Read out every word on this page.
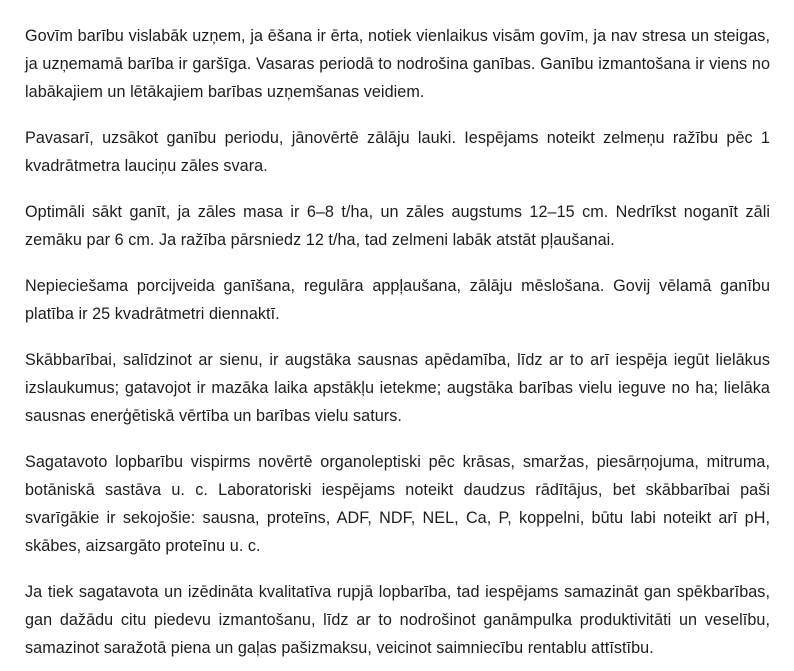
Govīm barību vislabāk uzņem, ja ēšana ir ērta, notiek vienlaikus visām govīm, ja nav stresa un steigas, ja uzņemamā barība ir garšīga. Vasaras periodā to nodrošina ganības. Ganību izmantošana ir viens no labākajiem un lētākajiem barības uzņemšanas veidiem.

Pavasarī, uzsākot ganību periodu, jānovērtē zālāju lauki. Iespējams noteikt zelmeņu ražību pēc 1 kvadrātmetra lauciņu zāles svara.

Optimāli sākt ganīt, ja zāles masa ir 6–8 t/ha, un zāles augstums 12–15 cm. Nedrīkst noganīt zāli zemāku par 6 cm. Ja ražība pārsniedz 12 t/ha, tad zelmeni labāk atstāt pļaušanai.

Nepieciešama porcijveida ganīšana, regulāra appļaušana, zālāju mēslošana. Govij vēlamā ganību platība ir 25 kvadrātmetri diennaktī.

Skābbarībai, salīdzinot ar sienu, ir augstāka sausnas apēdamība, līdz ar to arī iespēja iegūt lielākus izslaukumus; gatavojot ir mazāka laika apstākļu ietekme; augstāka barības vielu ieguve no ha; lielāka sausnas enerģētiskā vērtība un barības vielu saturs.

Sagatavoto lopbarību vispirms novērtē organoleptiski pēc krāsas, smaržas, piesārņojuma, mitruma, botāniskā sastāva u. c. Laboratoriski iespējams noteikt daudzus rādītājus, bet skābbarībai paši svarīgākie ir sekojošie: sausna, proteīns, ADF, NDF, NEL, Ca, P, koppelni, būtu labi noteikt arī pH, skābes, aizsargāto proteīnu u. c.

Ja tiek sagatavota un izēdināta kvalitatīva rupjā lopbarība, tad iespējams samazināt gan spēkbarības, gan dažādu citu piedevu izmantošanu, līdz ar to nodrošinot ganāmpulka produktivitāti un veselību, samazinot saražotā piena un gaļas pašizmaksu, veicinot saimniecību rentablu attīstību.
